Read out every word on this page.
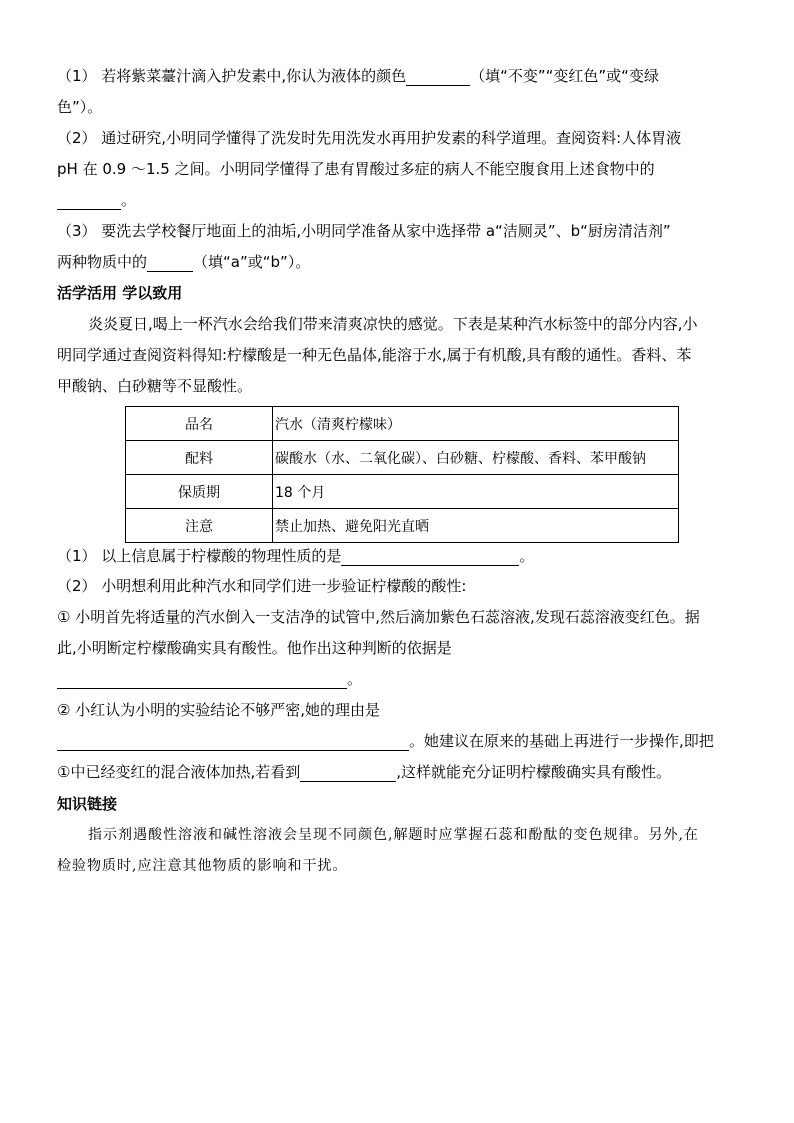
（1） 若将紫菜薹汁滴入护发素中,你认为液体的颜色	（填“不变”“变红色”或“变绿
色”）。
（2） 通过研究,小明同学懂得了洗发时先用洗发水再用护发素的科学道理。查阅资料:人体胃液
pH 在 0.9 ～1.5 之间。小明同学懂得了患有胃酸过多症的病人不能空腹食用上述食物中的
。
（3） 要洗去学校餐厅地面上的油垢,小明同学准备从家中选择带 a“洁厕灵”、b“厨房清洁剂”
两种物质中的	（填“a”或“b”）。
活学活用 学以致用
炎炎夏日,喝上一杯汽水会给我们带来清爽凉快的感觉。下表是某种汽水标签中的部分内容,小
明同学通过查阅资料得知:柠檬酸是一种无色晶体,能溶于水,属于有机酸,具有酸的通性。香料、苯
甲酸钠、白砂糖等不显酸性。
品名	汽水（清爽柠檬味）
配料	碳酸水（水、二氧化碳）、白砂糖、柠檬酸、香料、苯甲酸钠
保质期	18 个月
注意	禁止加热、避免阳光直晒
（1） 以上信息属于柠檬酸的物理性质的是	。
（2） 小明想利用此种汽水和同学们进一步验证柠檬酸的酸性:
① 小明首先将适量的汽水倒入一支洁净的试管中,然后滴加紫色石蕊溶液,发现石蕊溶液变红色。据
此,小明断定柠檬酸确实具有酸性。他作出这种判断的依据是
。
② 小红认为小明的实验结论不够严密,她的理由是
。她建议在原来的基础上再进行一步操作,即把
①中已经变红的混合液体加热,若看到	,这样就能充分证明柠檬酸确实具有酸性。
知识链接
指示剂遇酸性溶液和碱性溶液会呈现不同颜色,解题时应掌握石蕊和酚酞的变色规律。另外,在
检验物质时,应注意其他物质的影响和干扰。
